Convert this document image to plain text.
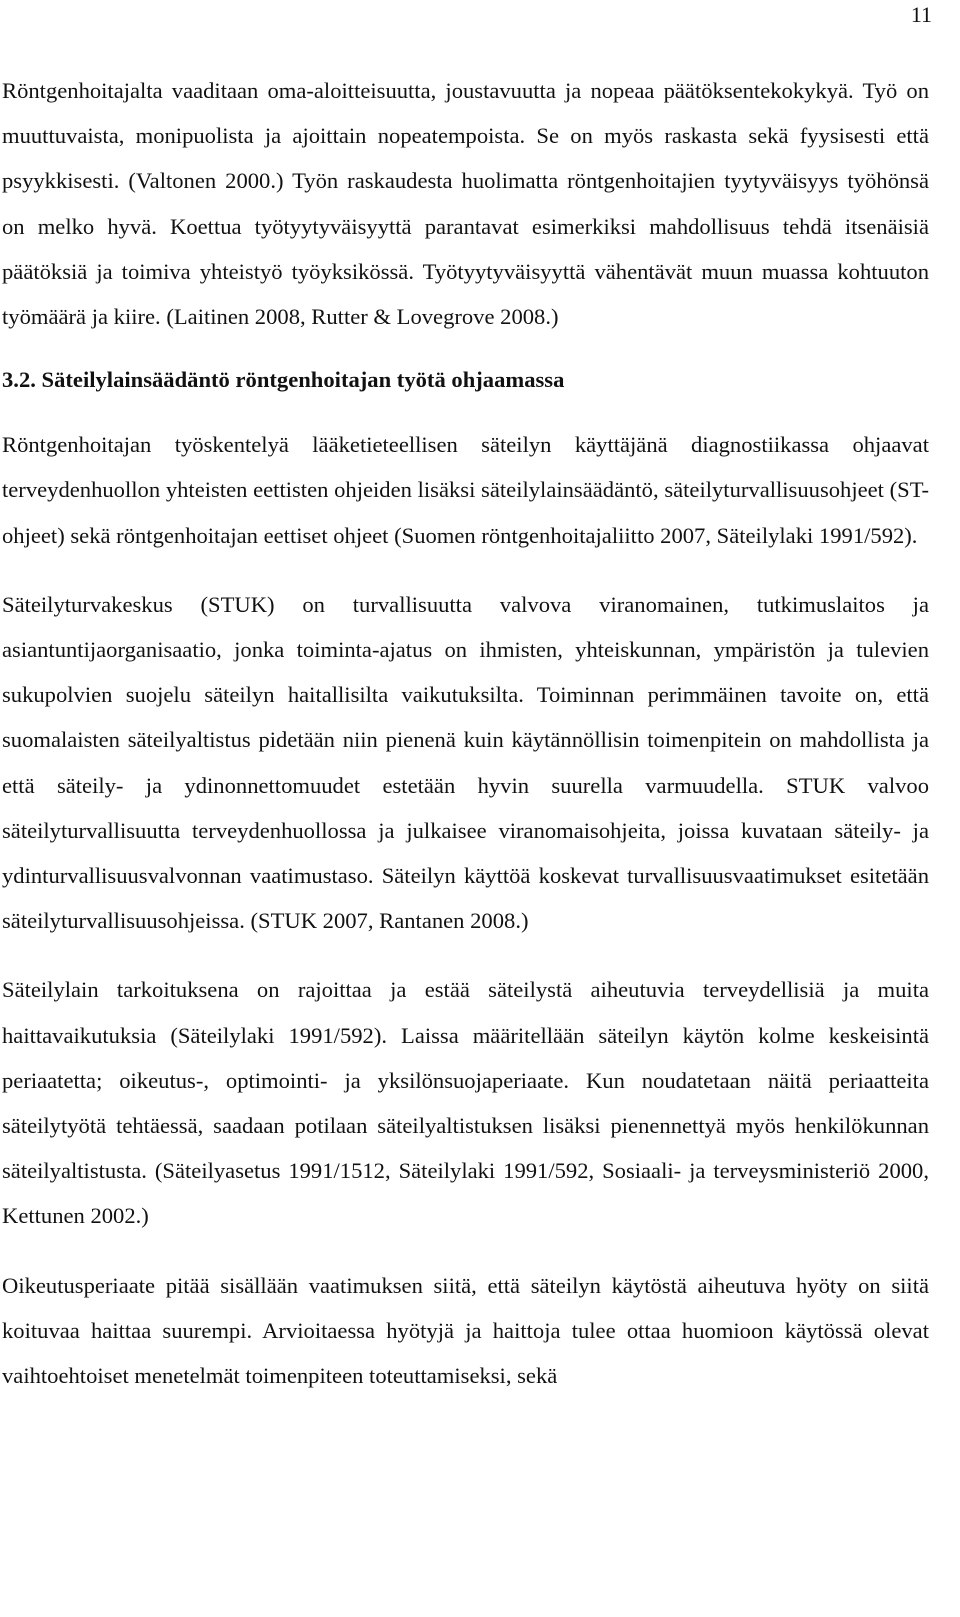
11

Röntgenhoitajalta vaaditaan oma-aloitteisuutta, joustavuutta ja nopeaa päätöksentekokykyä. Työ on muuttuvaista, monipuolista ja ajoittain nopeatempoista. Se on myös raskasta sekä fyysisesti että psyykkisesti. (Valtonen 2000.) Työn raskaudesta huolimatta röntgenhoitajien tyytyväisyys työhönsä on melko hyvä. Koettua työtyytyväisyyttä parantavat esimerkiksi mahdollisuus tehdä itsenäisiä päätöksiä ja toimiva yhteistyö työyksikössä. Työtyytyväisyyttä vähentävät muun muassa kohtuuton työmäärä ja kiire. (Laitinen 2008, Rutter & Lovegrove 2008.)

3.2. Säteilylainsäädäntö röntgenhoitajan työtä ohjaamassa

Röntgenhoitajan työskentelyä lääketieteellisen säteilyn käyttäjänä diagnostiikassa ohjaavat terveydenhuollon yhteisten eettisten ohjeiden lisäksi säteilylainsäädäntö, säteilyturvallisuusohjeet (ST-ohjeet) sekä röntgenhoitajan eettiset ohjeet (Suomen röntgenhoitajaliitto 2007, Säteilylaki 1991/592).

Säteilyturvakeskus (STUK) on turvallisuutta valvova viranomainen, tutkimuslaitos ja asiantuntijaorganisaatio, jonka toiminta-ajatus on ihmisten, yhteiskunnan, ympäristön ja tulevien sukupolvien suojelu säteilyn haitallisilta vaikutuksilta. Toiminnan perimmäinen tavoite on, että suomalaisten säteilyaltistus pidetään niin pienenä kuin käytännöllisin toimenpitein on mahdollista ja että säteily- ja ydinonnettomuudet estetään hyvin suurella varmuudella. STUK valvoo säteilyturvallisuutta terveydenhuollossa ja julkaisee viranomaisohjeita, joissa kuvataan säteily- ja ydinturvallisuusvalvonnan vaatimustaso. Säteilyn käyttöä koskevat turvallisuusvaatimukset esitetään säteilyturvallisuusohjeissa. (STUK 2007, Rantanen 2008.)

Säteilylain tarkoituksena on rajoittaa ja estää säteilystä aiheutuvia terveydellisiä ja muita haittavaikutuksia (Säteilylaki 1991/592). Laissa määritellään säteilyn käytön kolme keskeisintä periaatetta; oikeutus-, optimointi- ja yksilönsuojaperiaate. Kun noudatetaan näitä periaatteita säteilytyötä tehtäessä, saadaan potilaan säteilyaltistuksen lisäksi pienennettyä myös henkilökunnan säteilyaltistusta. (Säteilyasetus 1991/1512, Säteilylaki 1991/592, Sosiaali- ja terveysministeriö 2000, Kettunen 2002.)

Oikeutusperiaate pitää sisällään vaatimuksen siitä, että säteilyn käytöstä aiheutuva hyöty on siitä koituvaa haittaa suurempi. Arvioitaessa hyötyjä ja haittoja tulee ottaa huomioon käytössä olevat vaihtoehtoiset menetelmät toimenpiteen toteuttamiseksi, sekä
